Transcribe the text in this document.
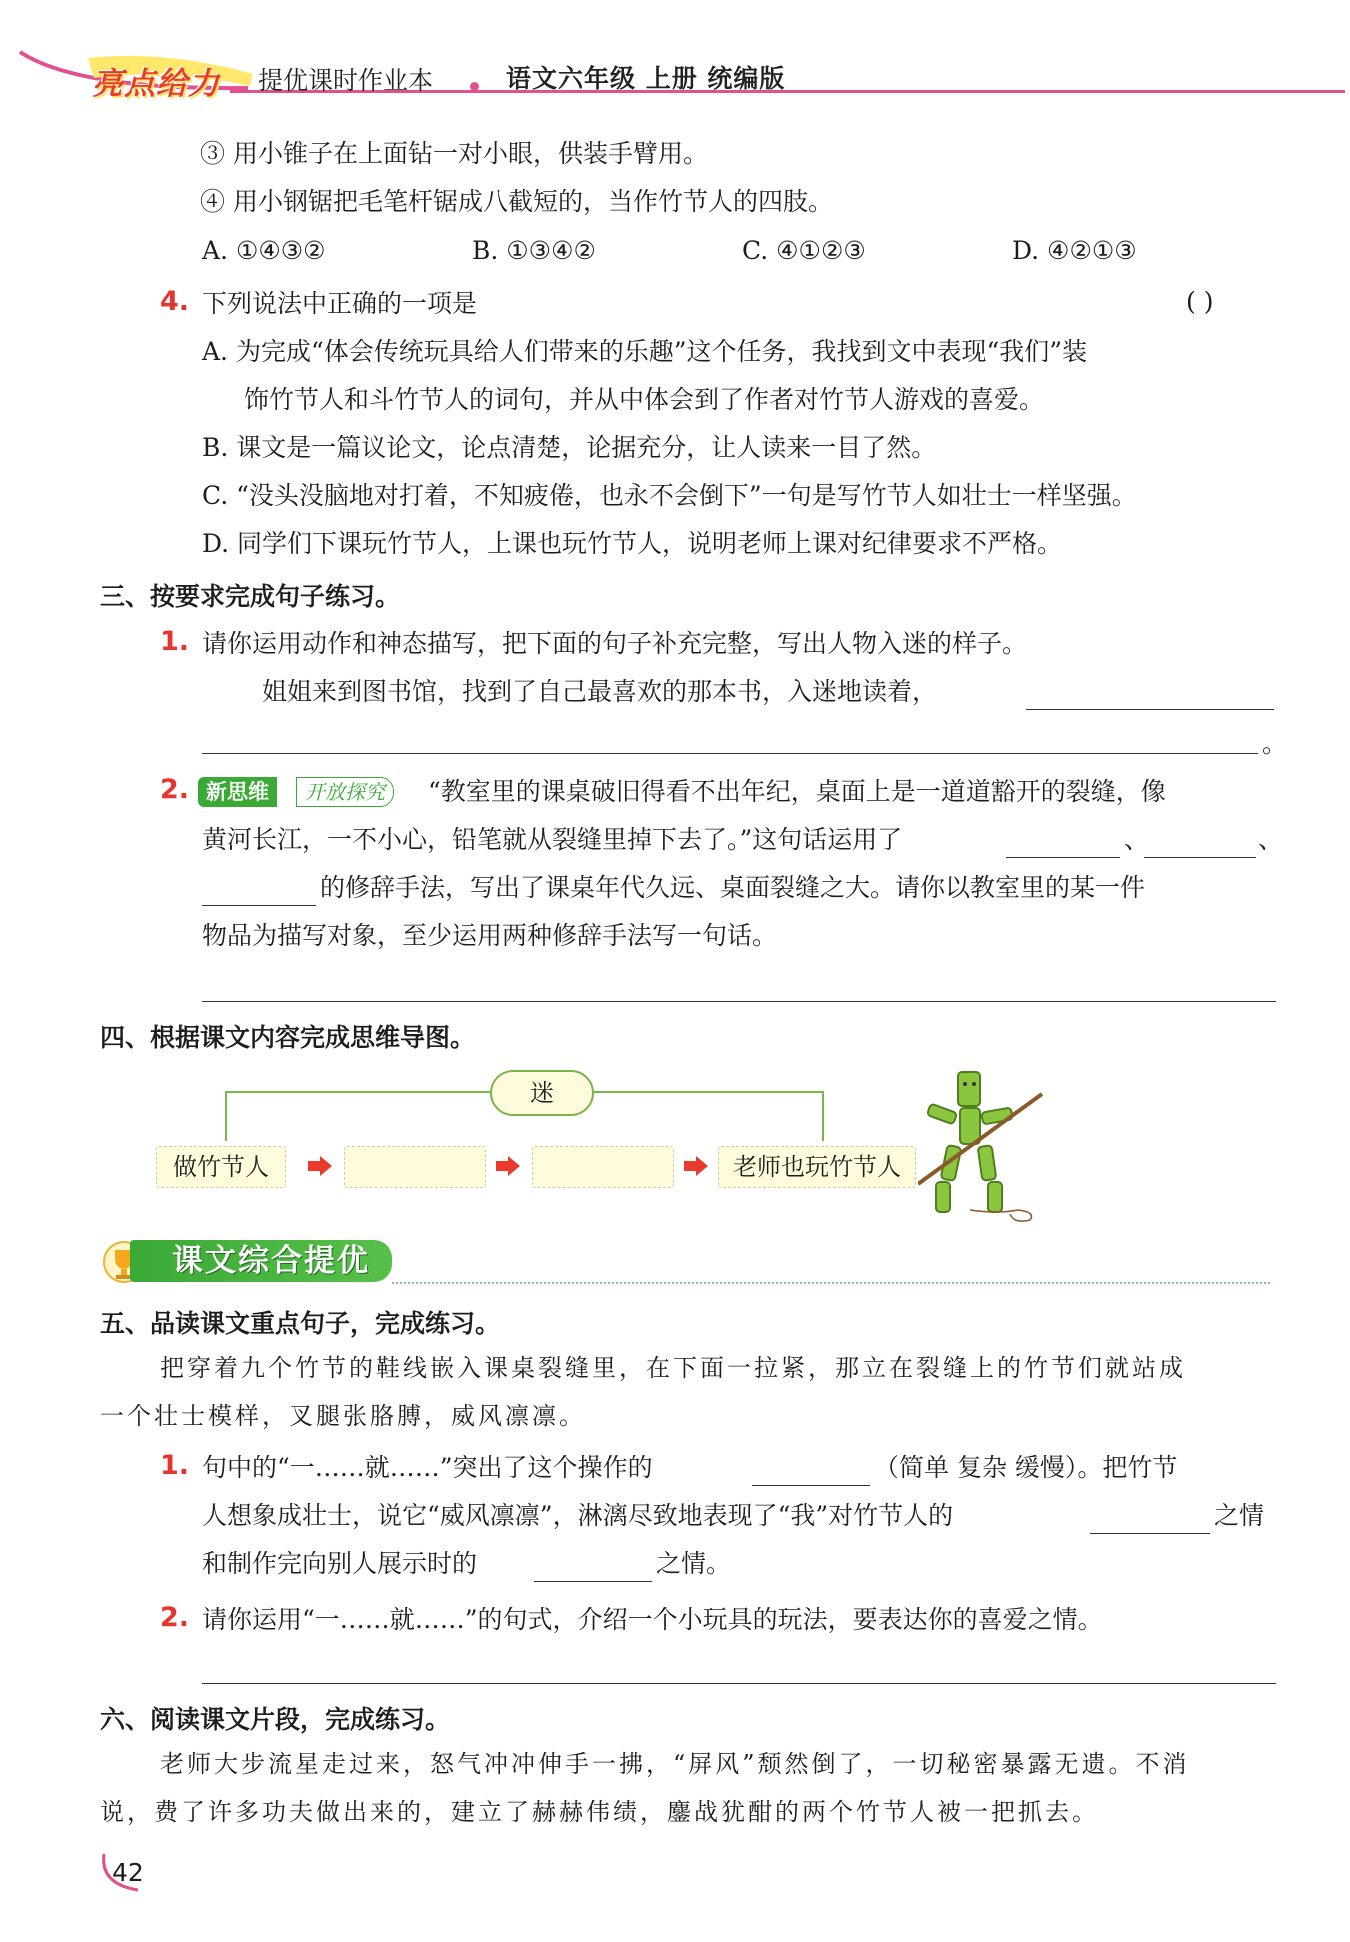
亮点给力 提优课时作业本	语文六年级 上册 统编版
③ 用小锥子在上面钻一对小眼，供装手臂用。
④ 用小钢锯把毛笔杆锯成八截短的，当作竹节人的四肢。
A. ①④③②	B. ①③④②	C. ④①②③	D. ④②①③
4. 下列说法中正确的一项是	( )
A. 为完成“体会传统玩具给人们带来的乐趣”这个任务，我找到文中表现“我们”装
饰竹节人和斗竹节人的词句，并从中体会到了作者对竹节人游戏的喜爱。
B. 课文是一篇议论文，论点清楚，论据充分，让人读来一目了然。
C. “没头没脑地对打着，不知疲倦，也永不会倒下”一句是写竹节人如壮士一样坚强。
D. 同学们下课玩竹节人，上课也玩竹节人，说明老师上课对纪律要求不严格。
三、按要求完成句子练习。
1. 请你运用动作和神态描写，把下面的句子补充完整，写出人物入迷的样子。
姐姐来到图书馆，找到了自己最喜欢的那本书，入迷地读着，
。
2. 新思维	开放探究	“教室里的课桌破旧得看不出年纪，桌面上是一道道豁开的裂缝，像
黄河长江，一不小心，铅笔就从裂缝里掉下去了。”这句话运用了	、	、
的修辞手法，写出了课桌年代久远、桌面裂缝之大。请你以教室里的某一件
物品为描写对象，至少运用两种修辞手法写一句话。
四、根据课文内容完成思维导图。
迷
做竹节人	老师也玩竹节人
课文综合提优
五、品读课文重点句子，完成练习。
把穿着九个竹节的鞋线嵌入课桌裂缝里，在下面一拉紧，那立在裂缝上的竹节们就站成
一个壮士模样，叉腿张胳膊，威风凛凛。
1. 句中的“一……就……”突出了这个操作的	（简单 复杂 缓慢）。把竹节
人想象成壮士，说它“威风凛凛”，淋漓尽致地表现了“我”对竹节人的	之情
和制作完向别人展示时的	之情。
2. 请你运用“一……就……”的句式，介绍一个小玩具的玩法，要表达你的喜爱之情。
六、阅读课文片段，完成练习。
老师大步流星走过来，怒气冲冲伸手一拂，“屏风”颓然倒了，一切秘密暴露无遗。不消
说，费了许多功夫做出来的，建立了赫赫伟绩，鏖战犹酣的两个竹节人被一把抓去。
42
